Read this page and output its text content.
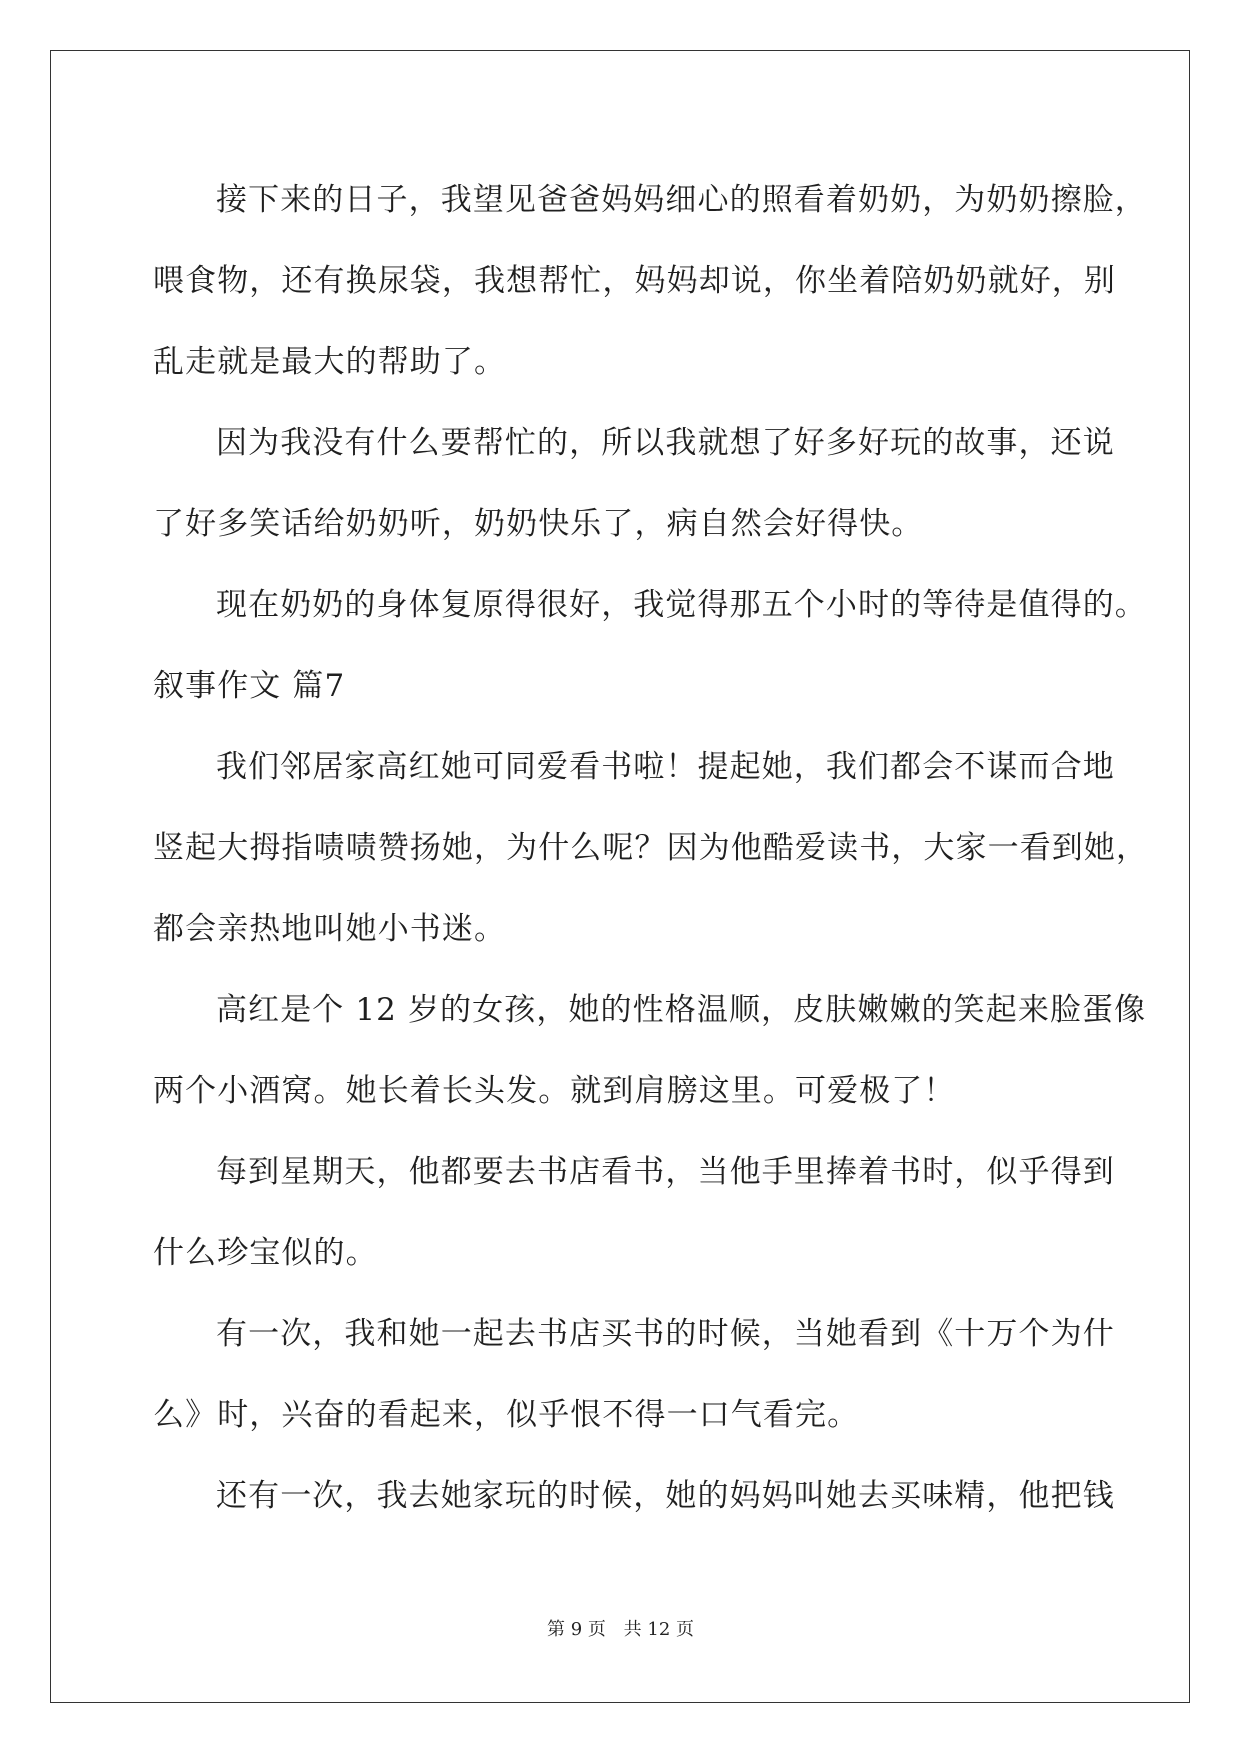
接下来的日子，我望见爸爸妈妈细心的照看着奶奶，为奶奶擦脸，
喂食物，还有换尿袋，我想帮忙，妈妈却说，你坐着陪奶奶就好，别
乱走就是最大的帮助了。
因为我没有什么要帮忙的，所以我就想了好多好玩的故事，还说
了好多笑话给奶奶听，奶奶快乐了，病自然会好得快。
现在奶奶的身体复原得很好，我觉得那五个小时的等待是值得的。
叙事作文 篇7
我们邻居家高红她可同爱看书啦！提起她，我们都会不谋而合地
竖起大拇指啧啧赞扬她，为什么呢？因为他酷爱读书，大家一看到她，
都会亲热地叫她小书迷。
高红是个 12 岁的女孩，她的性格温顺，皮肤嫩嫩的笑起来脸蛋像
两个小酒窝。她长着长头发。就到肩膀这里。可爱极了！
每到星期天，他都要去书店看书，当他手里捧着书时，似乎得到
什么珍宝似的。
有一次，我和她一起去书店买书的时候，当她看到《十万个为什
么》时，兴奋的看起来，似乎恨不得一口气看完。
还有一次，我去她家玩的时候，她的妈妈叫她去买味精，他把钱
第 9 页 共 12 页
